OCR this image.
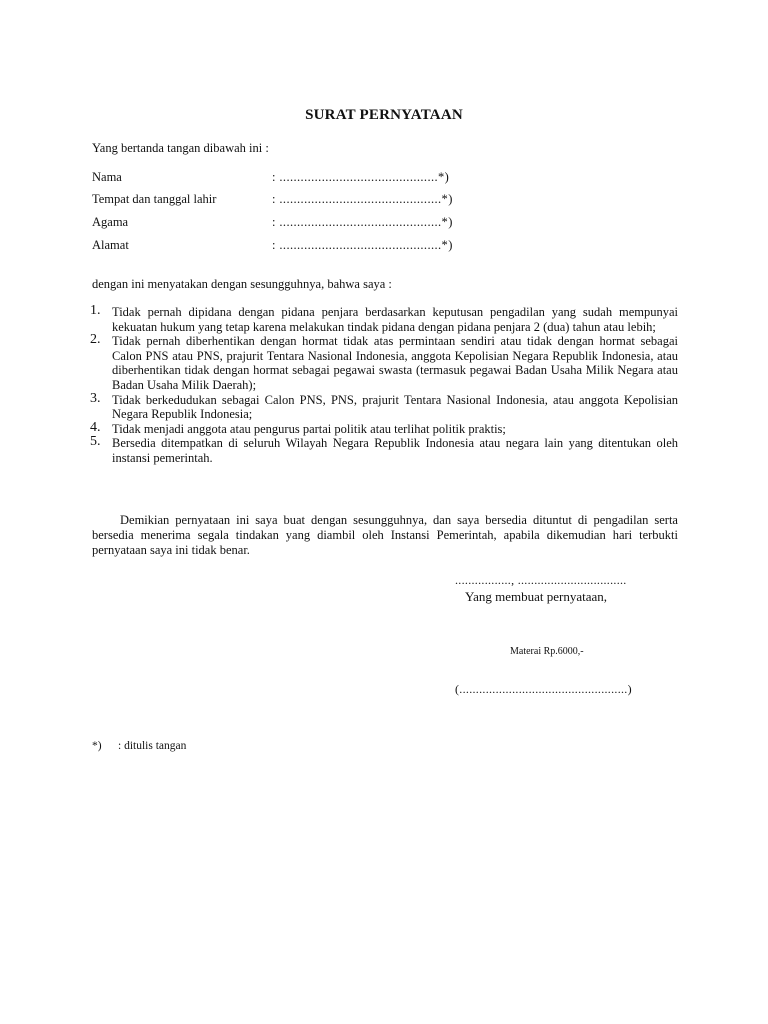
SURAT PERNYATAAN
Yang bertanda tangan dibawah ini :
Nama	: .............................................*)
Tempat dan tanggal lahir	: ..............................................*)
Agama	: ..............................................*)
Alamat	: ..............................................*)
dengan ini menyatakan dengan sesungguhnya, bahwa saya :
1. Tidak pernah dipidana dengan pidana penjara berdasarkan keputusan pengadilan yang sudah mempunyai kekuatan hukum yang tetap karena melakukan tindak pidana dengan pidana penjara 2 (dua) tahun atau lebih;
2. Tidak pernah diberhentikan dengan hormat tidak atas permintaan sendiri atau tidak dengan hormat sebagai Calon PNS atau PNS, prajurit Tentara Nasional Indonesia, anggota Kepolisian Negara Republik Indonesia, atau diberhentikan tidak dengan hormat sebagai pegawai swasta (termasuk pegawai Badan Usaha Milik Negara atau Badan Usaha Milik Daerah);
3. Tidak berkedudukan sebagai Calon PNS, PNS, prajurit Tentara Nasional Indonesia, atau anggota Kepolisian Negara Republik Indonesia;
4. Tidak menjadi anggota atau pengurus partai politik atau terlihat politik praktis;
5. Bersedia ditempatkan di seluruh Wilayah Negara Republik Indonesia atau negara lain yang ditentukan oleh instansi pemerintah.
Demikian pernyataan ini saya buat dengan sesungguhnya, dan saya bersedia dituntut di pengadilan serta bersedia menerima segala tindakan yang diambil oleh Instansi Pemerintah, apabila dikemudian hari terbukti pernyataan saya ini tidak benar.
................., .................................
Yang membuat pernyataan,
Materai Rp.6000,-
(...................................................)
*) : ditulis tangan
